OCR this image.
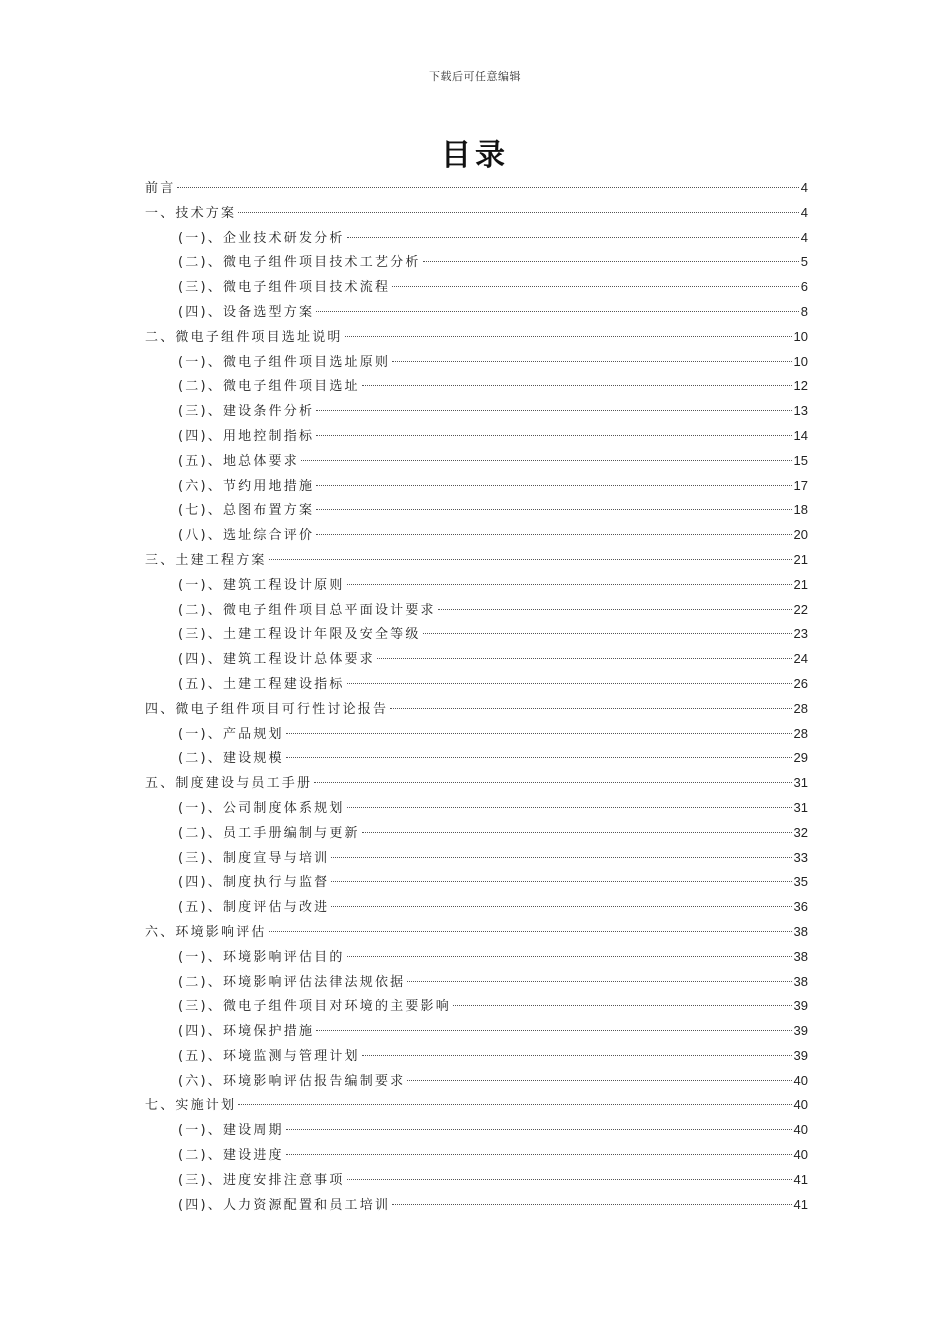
下载后可任意编辑
目录
前言	4
一、技术方案	4
(一)、企业技术研发分析	4
(二)、微电子组件项目技术工艺分析	5
(三)、微电子组件项目技术流程	6
(四)、设备选型方案	8
二、微电子组件项目选址说明	10
(一)、微电子组件项目选址原则	10
(二)、微电子组件项目选址	12
(三)、建设条件分析	13
(四)、用地控制指标	14
(五)、地总体要求	15
(六)、节约用地措施	17
(七)、总图布置方案	18
(八)、选址综合评价	20
三、土建工程方案	21
(一)、建筑工程设计原则	21
(二)、微电子组件项目总平面设计要求	22
(三)、土建工程设计年限及安全等级	23
(四)、建筑工程设计总体要求	24
(五)、土建工程建设指标	26
四、微电子组件项目可行性讨论报告	28
(一)、产品规划	28
(二)、建设规模	29
五、制度建设与员工手册	31
(一)、公司制度体系规划	31
(二)、员工手册编制与更新	32
(三)、制度宣导与培训	33
(四)、制度执行与监督	35
(五)、制度评估与改进	36
六、环境影响评估	38
(一)、环境影响评估目的	38
(二)、环境影响评估法律法规依据	38
(三)、微电子组件项目对环境的主要影响	39
(四)、环境保护措施	39
(五)、环境监测与管理计划	39
(六)、环境影响评估报告编制要求	40
七、实施计划	40
(一)、建设周期	40
(二)、建设进度	40
(三)、进度安排注意事项	41
(四)、人力资源配置和员工培训	41
